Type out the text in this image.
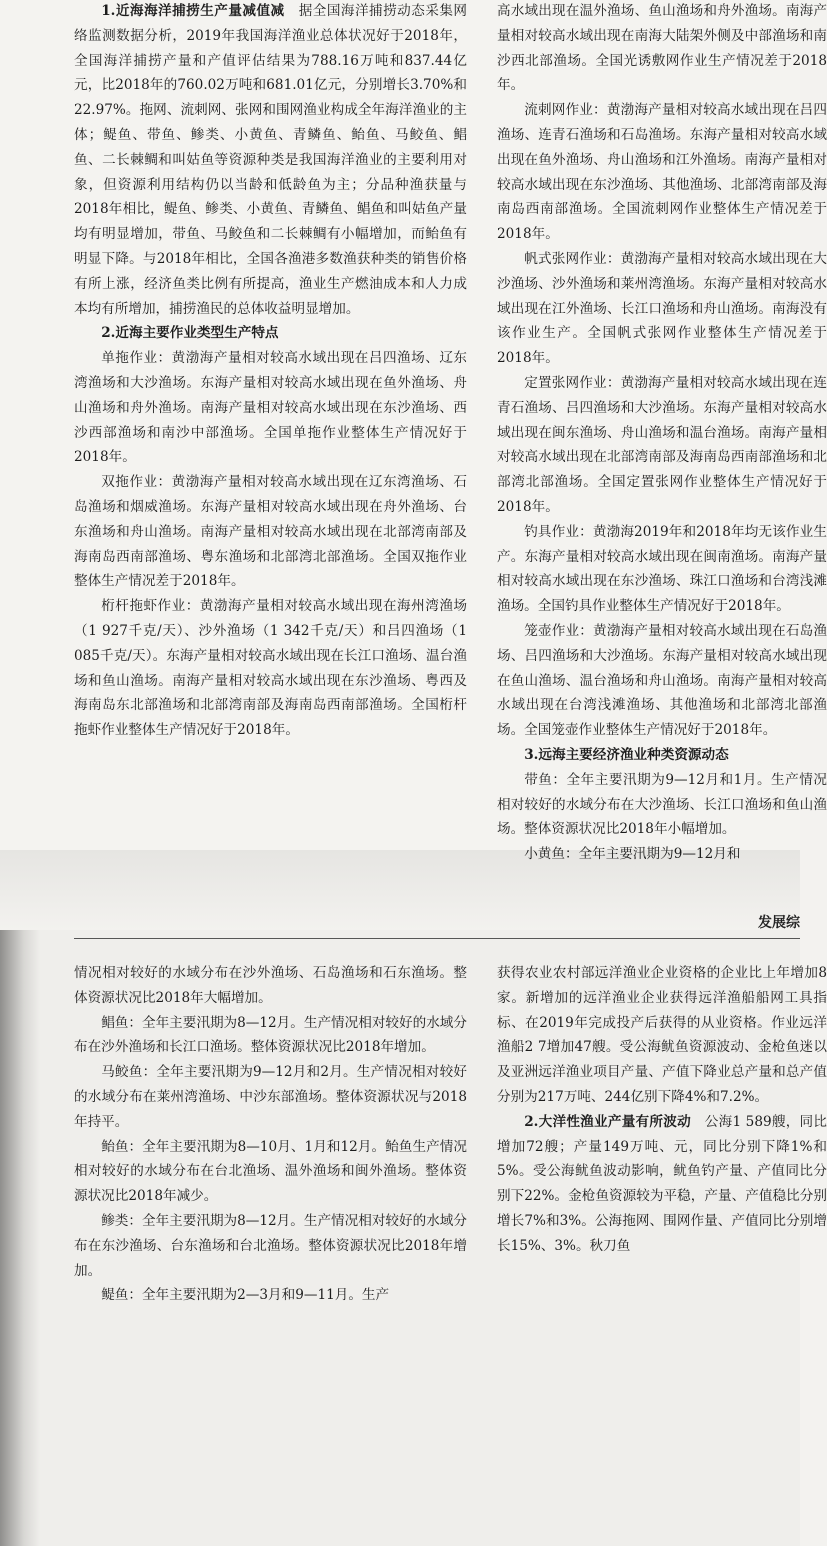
1.近海海洋捕捞生产量减值减  据全国海洋捕捞动态采集网络监测数据分析，2019年我国海洋渔业总体状况好于2018年，全国海洋捕捞产量和产值评估结果为788.16万吨和837.44亿元，比2018年的760.02万吨和681.01亿元，分别增长3.70%和22.97%。拖网、流刺网、张网和围网渔业构成全年海洋渔业的主体；鳀鱼、带鱼、鲹类、小黄鱼、青鳞鱼、鲐鱼、马鲛鱼、鲳鱼、二长棘鲷和叫姑鱼等资源种类是我国海洋渔业的主要利用对象，但资源利用结构仍以当龄和低龄鱼为主；分品种渔获量与2018年相比，鳀鱼、鲹类、小黄鱼、青鳞鱼、鲳鱼和叫姑鱼产量均有明显增加，带鱼、马鲛鱼和二长棘鲷有小幅增加，而鲐鱼有明显下降。与2018年相比，全国各渔港多数渔获种类的销售价格有所上涨，经济鱼类比例有所提高，渔业生产燃油成本和人力成本均有所增加，捕捞渔民的总体收益明显增加。

2.近海主要作业类型生产特点

单拖作业：黄渤海产量相对较高水域出现在吕四渔场、辽东湾渔场和大沙渔场。东海产量相对较高水域出现在鱼外渔场、舟山渔场和舟外渔场。南海产量相对较高水域出现在东沙渔场、西沙西部渔场和南沙中部渔场。全国单拖作业整体生产情况好于2018年。

双拖作业：黄渤海产量相对较高水域出现在辽东湾渔场、石岛渔场和烟威渔场。东海产量相对较高水域出现在舟外渔场、台东渔场和舟山渔场。南海产量相对较高水域出现在北部湾南部及海南岛西南部渔场、粤东渔场和北部湾北部渔场。全国双拖作业整体生产情况差于2018年。

桁杆拖虾作业：黄渤海产量相对较高水域出现在海州湾渔场（1 927千克/天）、沙外渔场（1 342千克/天）和吕四渔场（1 085千克/天）。东海产量相对较高水域出现在长江口渔场、温台渔场和鱼山渔场。南海产量相对较高水域出现在东沙渔场、粤西及海南岛东北部渔场和北部湾南部及海南岛西南部渔场。全国桁杆拖虾作业整体生产情况好于2018年。

高水域出现在温外渔场、鱼山渔场和舟外渔场。南海产量相对较高水域出现在南海大陆架外侧及中部渔场和南沙西北部渔场。全国光诱敷网作业生产情况差于2018年。

流刺网作业：黄渤海产量相对较高水域出现在吕四渔场、连青石渔场和石岛渔场。东海产量相对较高水域出现在鱼外渔场、舟山渔场和江外渔场。南海产量相对较高水域出现在东沙渔场、其他渔场、北部湾南部及海南岛西南部渔场。全国流刺网作业整体生产情况差于2018年。

帆式张网作业：黄渤海产量相对较高水域出现在大沙渔场、沙外渔场和莱州湾渔场。东海产量相对较高水域出现在江外渔场、长江口渔场和舟山渔场。南海没有该作业生产。全国帆式张网作业整体生产情况差于2018年。

定置张网作业：黄渤海产量相对较高水域出现在连青石渔场、吕四渔场和大沙渔场。东海产量相对较高水域出现在闽东渔场、舟山渔场和温台渔场。南海产量相对较高水域出现在北部湾南部及海南岛西南部渔场和北部湾北部渔场。全国定置张网作业整体生产情况好于2018年。

钓具作业：黄渤海2019年和2018年均无该作业生产。东海产量相对较高水域出现在闽南渔场。南海产量相对较高水域出现在东沙渔场、珠江口渔场和台湾浅滩渔场。全国钓具作业整体生产情况好于2018年。

笼壶作业：黄渤海产量相对较高水域出现在石岛渔场、吕四渔场和大沙渔场。东海产量相对较高水域出现在鱼山渔场、温台渔场和舟山渔场。南海产量相对较高水域出现在台湾浅滩渔场、其他渔场和北部湾北部渔场。全国笼壶作业整体生产情况好于2018年。

3.远海主要经济渔业种类资源动态

带鱼：全年主要汛期为9—12月和1月。生产情况相对较好的水域分布在大沙渔场、长江口渔场和鱼山渔场。整体资源状况比2018年小幅增加。

小黄鱼：全年主要汛期为9—12月和

发展综

情况相对较好的水域分布在沙外渔场、石岛渔场和石东渔场。整体资源状况比2018年大幅增加。

鲳鱼：全年主要汛期为8—12月。生产情况相对较好的水域分布在沙外渔场和长江口渔场。整体资源状况比2018年增加。

马鲛鱼：全年主要汛期为9—12月和2月。生产情况相对较好的水域分布在莱州湾渔场、中沙东部渔场。整体资源状况与2018年持平。

鲐鱼：全年主要汛期为8—10月、1月和12月。鲐鱼生产情况相对较好的水域分布在台北渔场、温外渔场和闽外渔场。整体资源状况比2018年减少。

鲹类：全年主要汛期为8—12月。生产情况相对较好的水域分布在东沙渔场、台东渔场和台北渔场。整体资源状况比2018年增加。

鳀鱼：全年主要汛期为2—3月和9—11月。生产

获得农业农村部远洋渔业企业资格的企业比上年增加8家。新增加的远洋渔业企业获得远洋渔船船网工具指标、在2019年完成投产后获得的从业资格。作业远洋渔船2 7增加47艘。受公海鱿鱼资源波动、金枪鱼迷以及亚洲远洋渔业项目产量、产值下降业总产量和总产值分别为217万吨、244亿别下降4%和7.2%。

2.大洋性渔业产量有所波动  公海1 589艘，同比增加72艘；产量149万吨、元，同比分别下降1%和5%。受公海鱿鱼波动影响，鱿鱼钓产量、产值同比分别下22%。金枪鱼资源较为平稳，产量、产值稳比分别增长7%和3%。公海拖网、围网作量、产值同比分别增长15%、3%。秋刀鱼
